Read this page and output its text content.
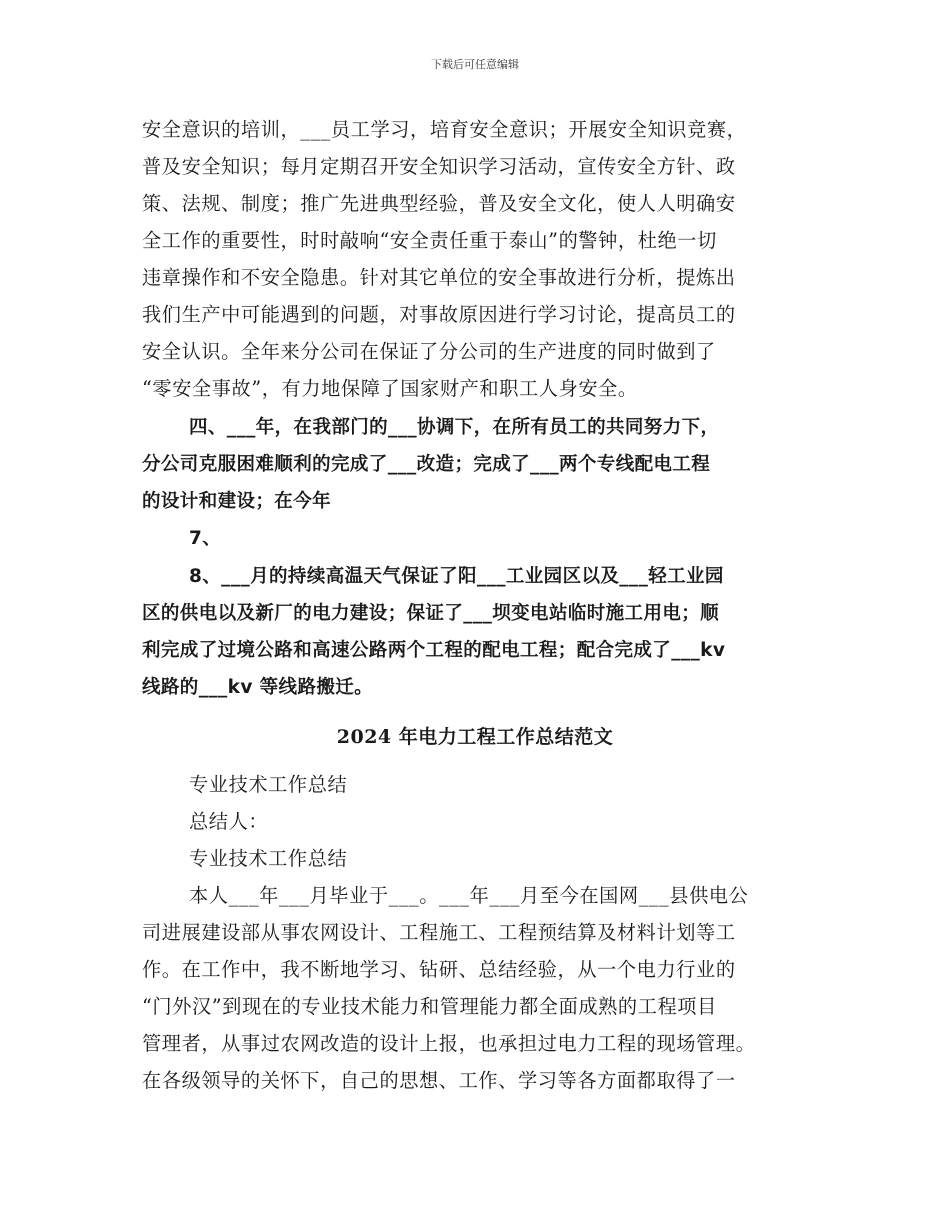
下载后可任意编辑
安全意识的培训，___员工学习，培育安全意识；开展安全知识竞赛，
普及安全知识；每月定期召开安全知识学习活动，宣传安全方针、政
策、法规、制度；推广先进典型经验，普及安全文化，使人人明确安
全工作的重要性，时时敲响“安全责任重于泰山”的警钟，杜绝一切
违章操作和不安全隐患。针对其它单位的安全事故进行分析，提炼出
我们生产中可能遇到的问题，对事故原因进行学习讨论，提高员工的
安全认识。全年来分公司在保证了分公司的生产进度的同时做到了
“零安全事故”，有力地保障了国家财产和职工人身安全。
四、___年，在我部门的___协调下，在所有员工的共同努力下，
分公司克服困难顺利的完成了___改造；完成了___两个专线配电工程
的设计和建设；在今年
7、
8、___月的持续高温天气保证了阳___工业园区以及___轻工业园
区的供电以及新厂的电力建设；保证了___坝变电站临时施工用电；顺
利完成了过境公路和高速公路两个工程的配电工程；配合完成了___kv
线路的___kv 等线路搬迁。
2024 年电力工程工作总结范文
专业技术工作总结
总结人：
专业技术工作总结
本人___年___月毕业于___。___年___月至今在国网___县供电公
司进展建设部从事农网设计、工程施工、工程预结算及材料计划等工
作。在工作中，我不断地学习、钻研、总结经验，从一个电力行业的
“门外汉”到现在的专业技术能力和管理能力都全面成熟的工程项目
管理者，从事过农网改造的设计上报，也承担过电力工程的现场管理。
在各级领导的关怀下，自己的思想、工作、学习等各方面都取得了一
